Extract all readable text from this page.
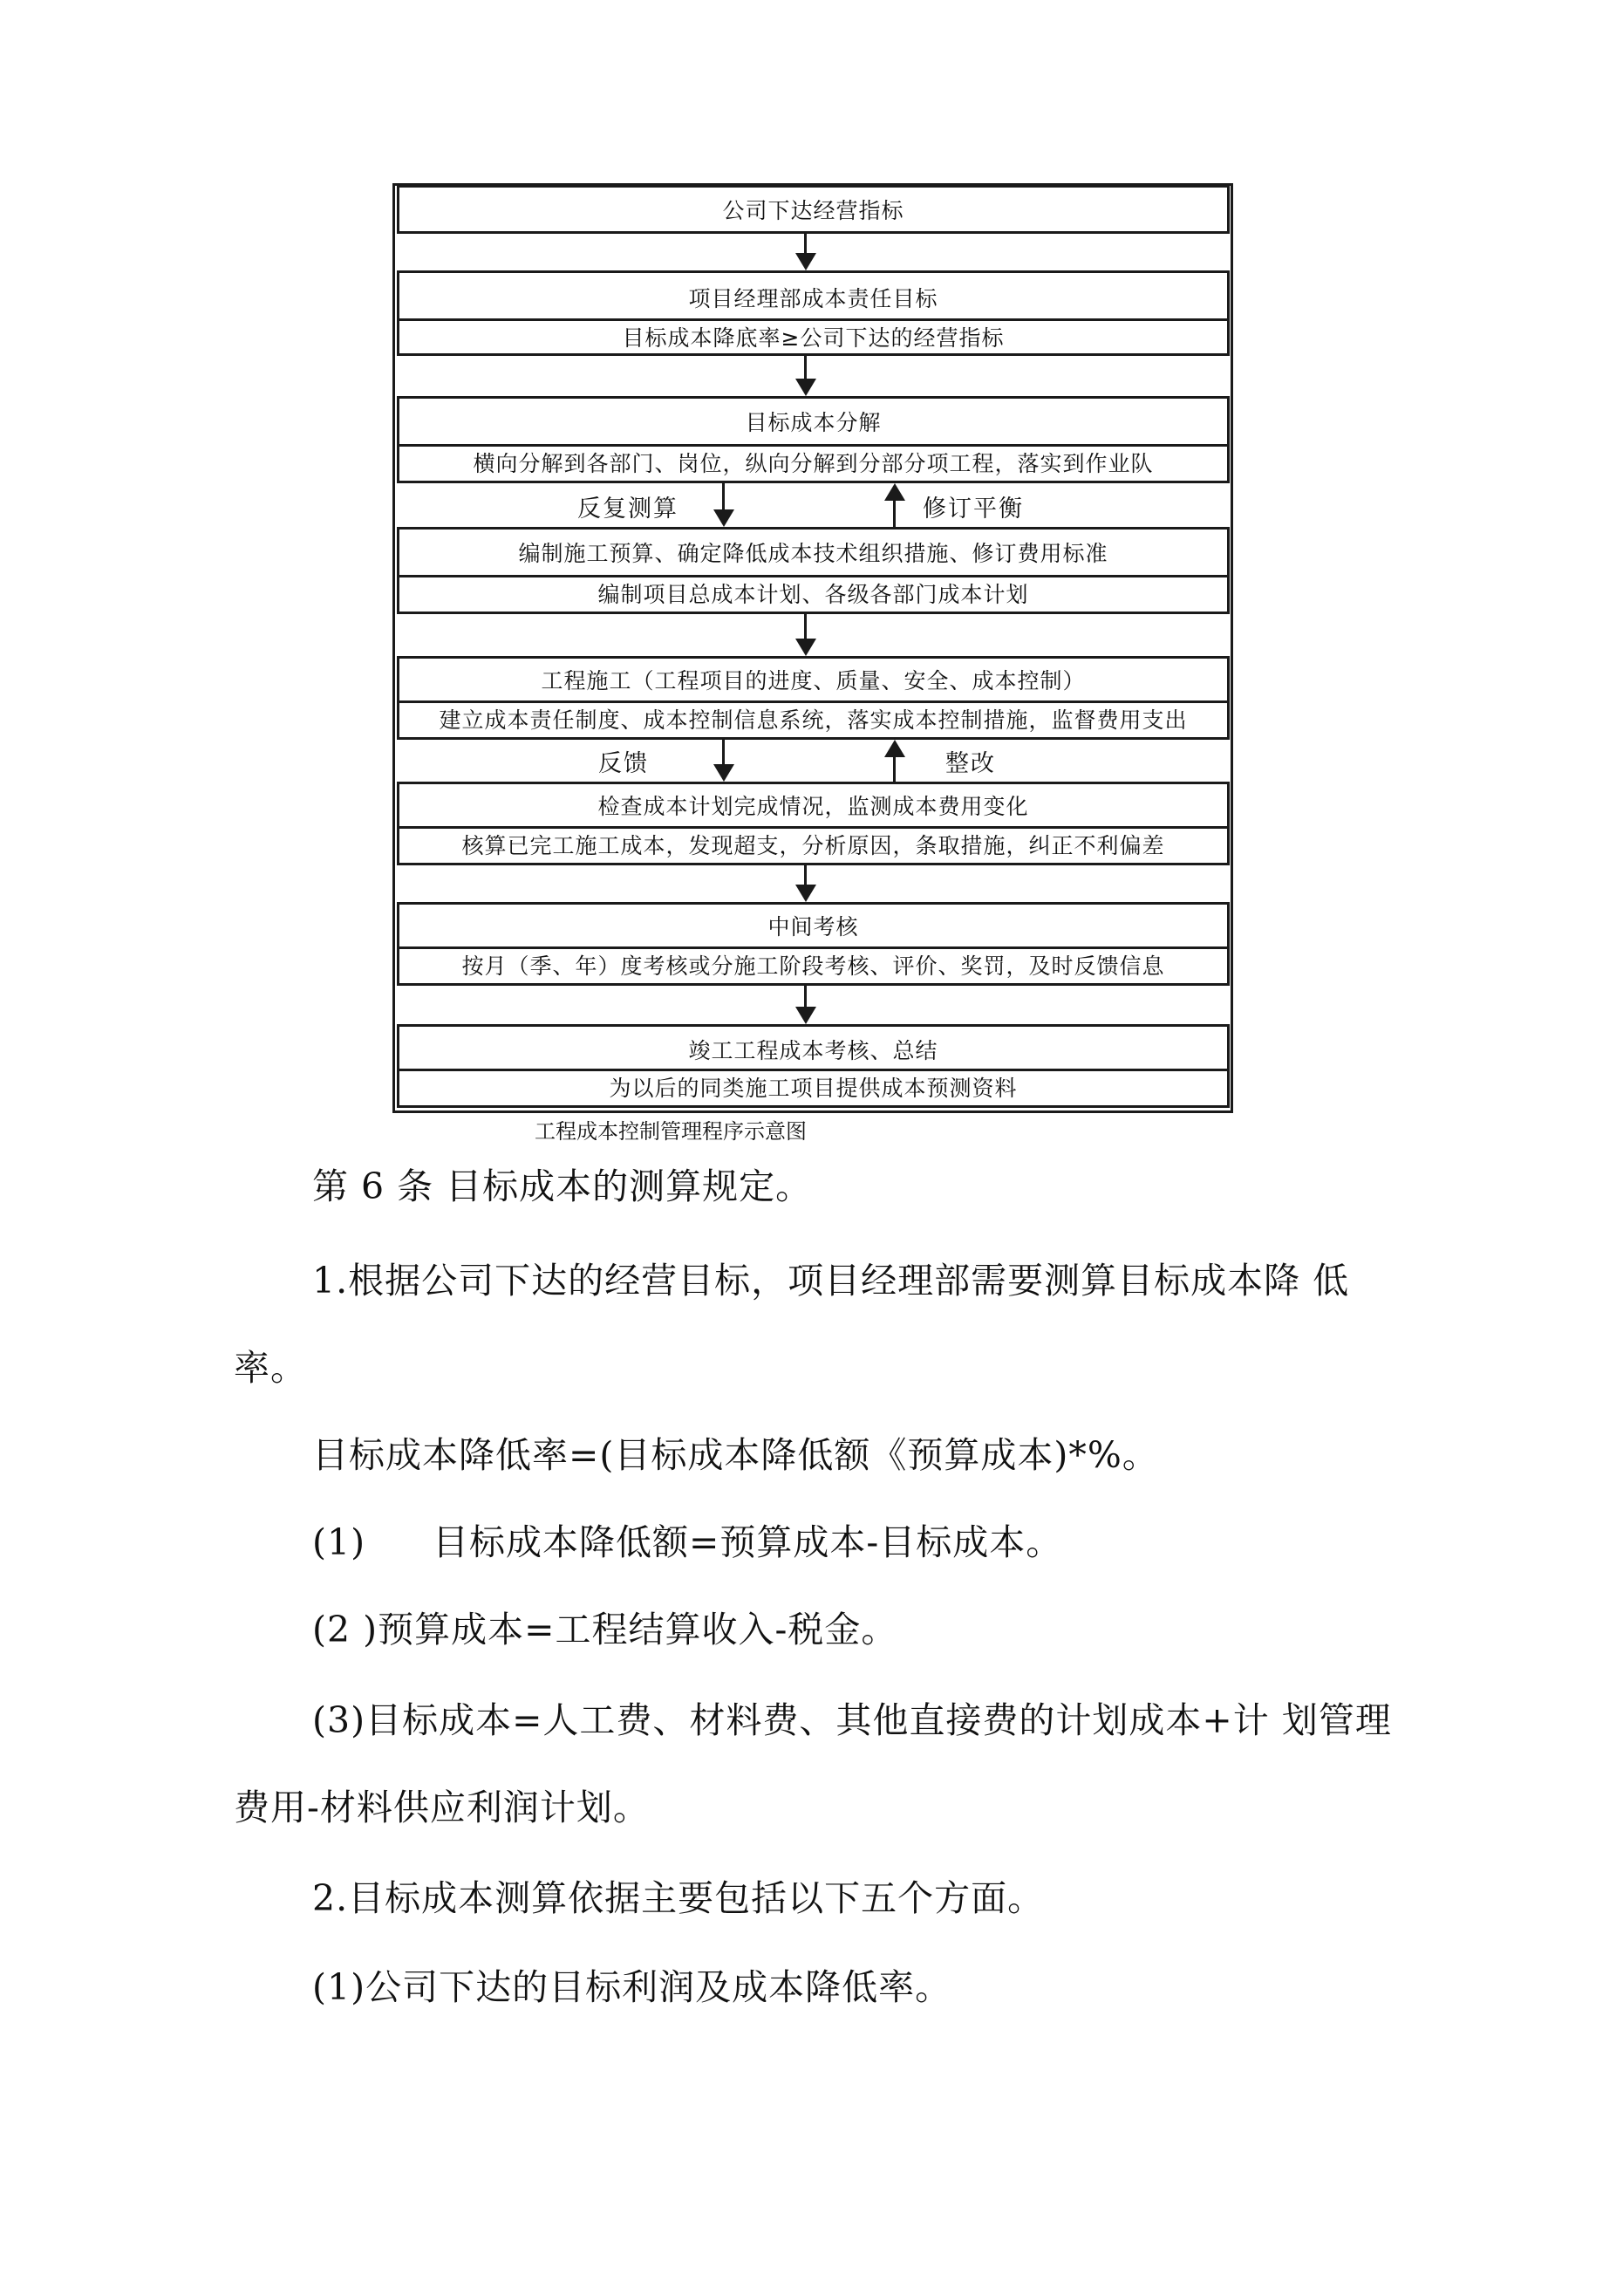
公司下达经营指标
项目经理部成本责任目标
目标成本降底率≥公司下达的经营指标
目标成本分解
横向分解到各部门、岗位，纵向分解到分部分项工程，落实到作业队
反复测算	修订平衡
编制施工预算、确定降低成本技术组织措施、修订费用标准
编制项目总成本计划、各级各部门成本计划
工程施工（工程项目的进度、质量、安全、成本控制）
建立成本责任制度、成本控制信息系统，落实成本控制措施，监督费用支出
反馈	整改
检查成本计划完成情况，监测成本费用变化
核算已完工施工成本，发现超支，分析原因，条取措施，纠正不利偏差
中间考核
按月（季、年）度考核或分施工阶段考核、评价、奖罚，及时反馈信息
竣工工程成本考核、总结
为以后的同类施工项目提供成本预测资料
工程成本控制管理程序示意图
第 6 条 目标成本的测算规定。
1.根据公司下达的经营目标，项目经理部需要测算目标成本降 低
率。
目标成本降低率=(目标成本降低额《预算成本)*%。
(1) 目标成本降低额=预算成本-目标成本。
(2 )预算成本=工程结算收入-税金。
(3)目标成本=人工费、材料费、其他直接费的计划成本+计 划管理
费用-材料供应利润计划。
2.目标成本测算依据主要包括以下五个方面。
(1)公司下达的目标利润及成本降低率。
